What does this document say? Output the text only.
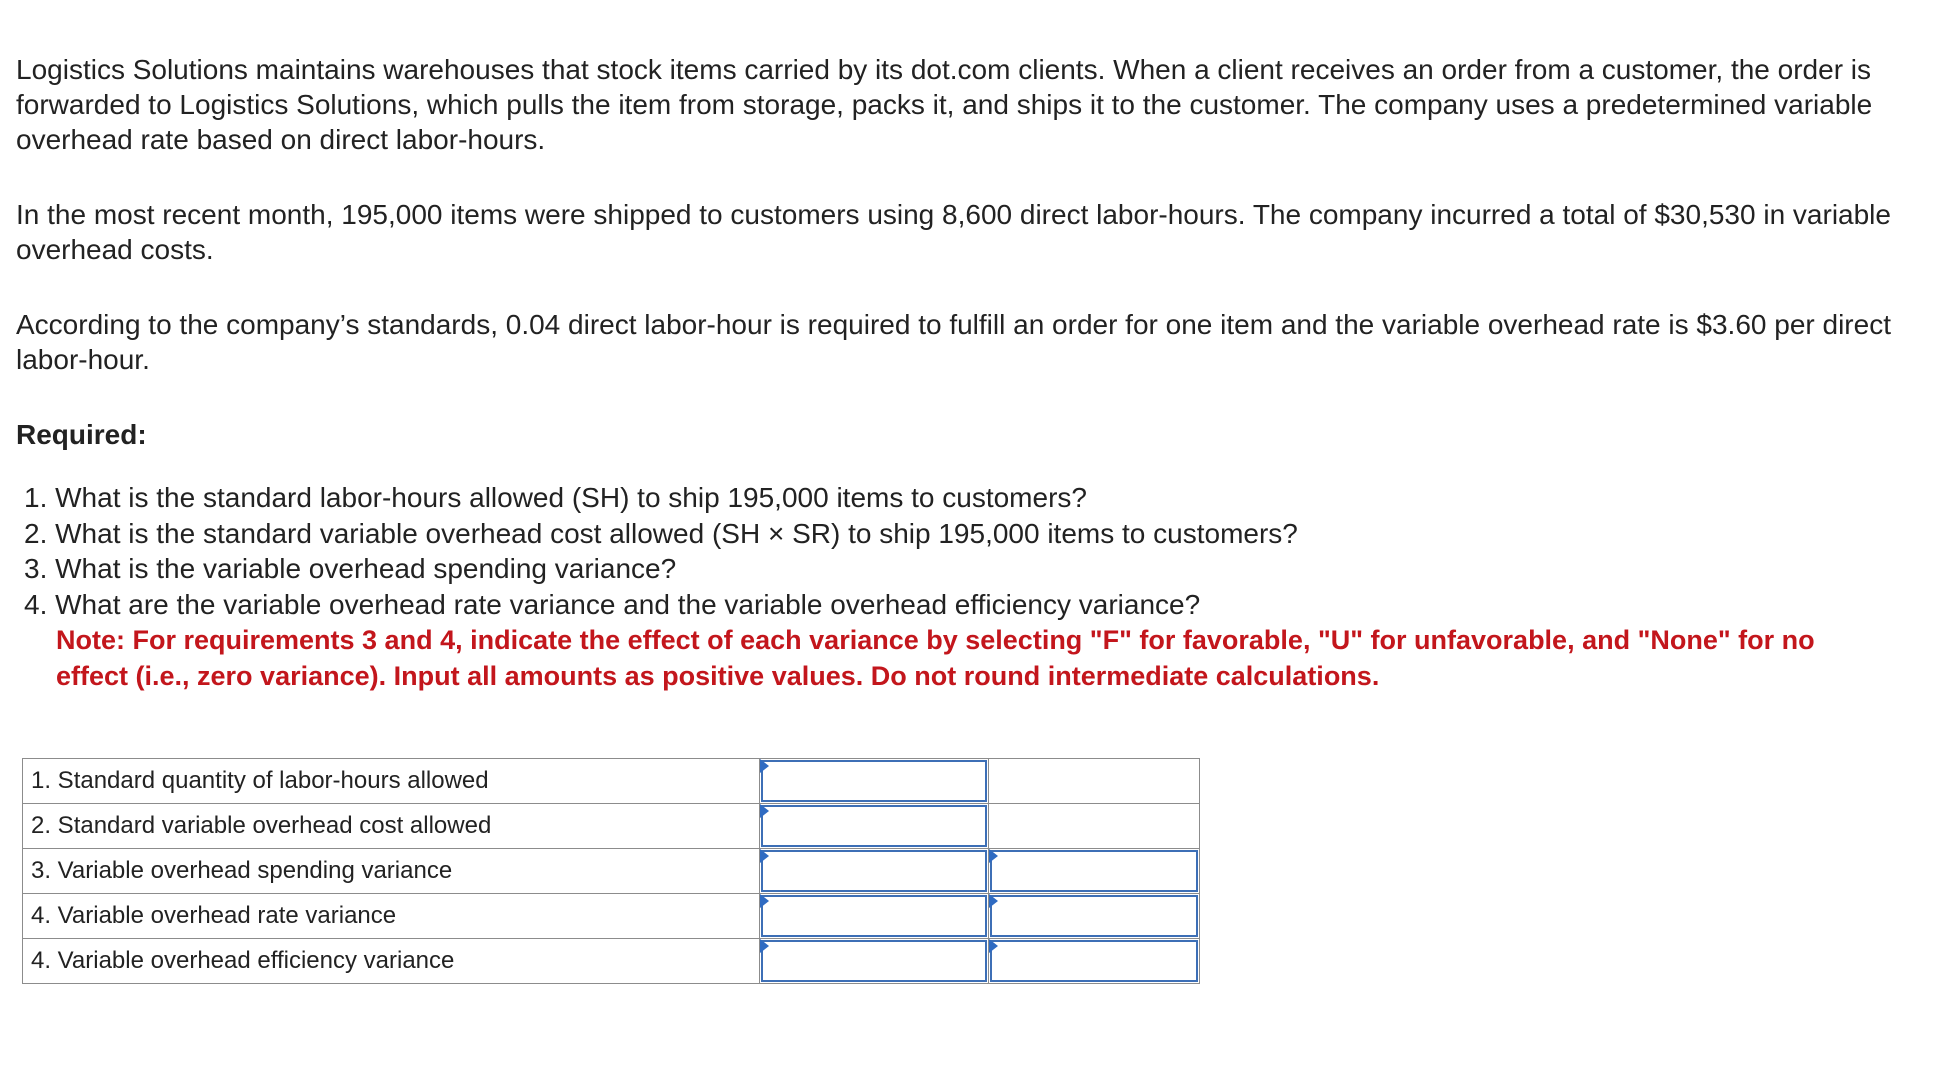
Logistics Solutions maintains warehouses that stock items carried by its dot.com clients. When a client receives an order from a customer, the order is forwarded to Logistics Solutions, which pulls the item from storage, packs it, and ships it to the customer. The company uses a predetermined variable overhead rate based on direct labor-hours.

In the most recent month, 195,000 items were shipped to customers using 8,600 direct labor-hours. The company incurred a total of $30,530 in variable overhead costs.

According to the company’s standards, 0.04 direct labor-hour is required to fulfill an order for one item and the variable overhead rate is $3.60 per direct labor-hour.

Required:
1. What is the standard labor-hours allowed (SH) to ship 195,000 items to customers?
2. What is the standard variable overhead cost allowed (SH × SR) to ship 195,000 items to customers?
3. What is the variable overhead spending variance?
4. What are the variable overhead rate variance and the variable overhead efficiency variance?
Note: For requirements 3 and 4, indicate the effect of each variance by selecting "F" for favorable, "U" for unfavorable, and "None" for no effect (i.e., zero variance). Input all amounts as positive values. Do not round intermediate calculations.
1. Standard quantity of labor-hours allowed	

2. Standard variable overhead cost allowed	

3. Variable overhead spending variance	

4. Variable overhead rate variance	

4. Variable overhead efficiency variance	
